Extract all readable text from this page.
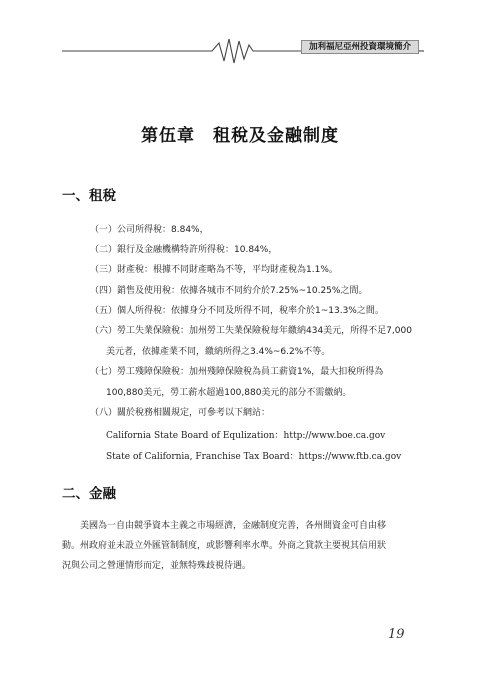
加利福尼亞州投資環境簡介
第伍章　租稅及金融制度
一、租稅
（一）公司所得稅：8.84%，
（二）銀行及金融機構特許所得稅：10.84%，
（三）財產稅：根據不同財產略為不等，平均財產稅為1.1%。
（四）銷售及使用稅：依據各城市不同約介於7.25%~10.25%之間。
（五）個人所得稅：依據身分不同及所得不同，稅率介於1~13.3%之間。
（六）勞工失業保險稅：加州勞工失業保險稅每年繳納434美元，所得不足7,000
美元者，依據產業不同，繳納所得之3.4%~6.2%不等。
（七）勞工殘障保險稅：加州殘障保險稅為員工薪資1%，最大扣稅所得為
100,880美元，勞工薪水超過100,880美元的部分不需繳納。
（八）關於稅務相關規定，可參考以下網站：
California State Board of Equlization：http://www.boe.ca.gov
State of California, Franchise Tax Board：https://www.ftb.ca.gov
二、金融
　　美國為一自由競爭資本主義之市場經濟，金融制度完善，各州間資金可自由移
動。州政府並未設立外匯管制制度，或影響利率水準。外商之貸款主要視其信用狀
況與公司之營運情形而定，並無特殊歧視待遇。
19
